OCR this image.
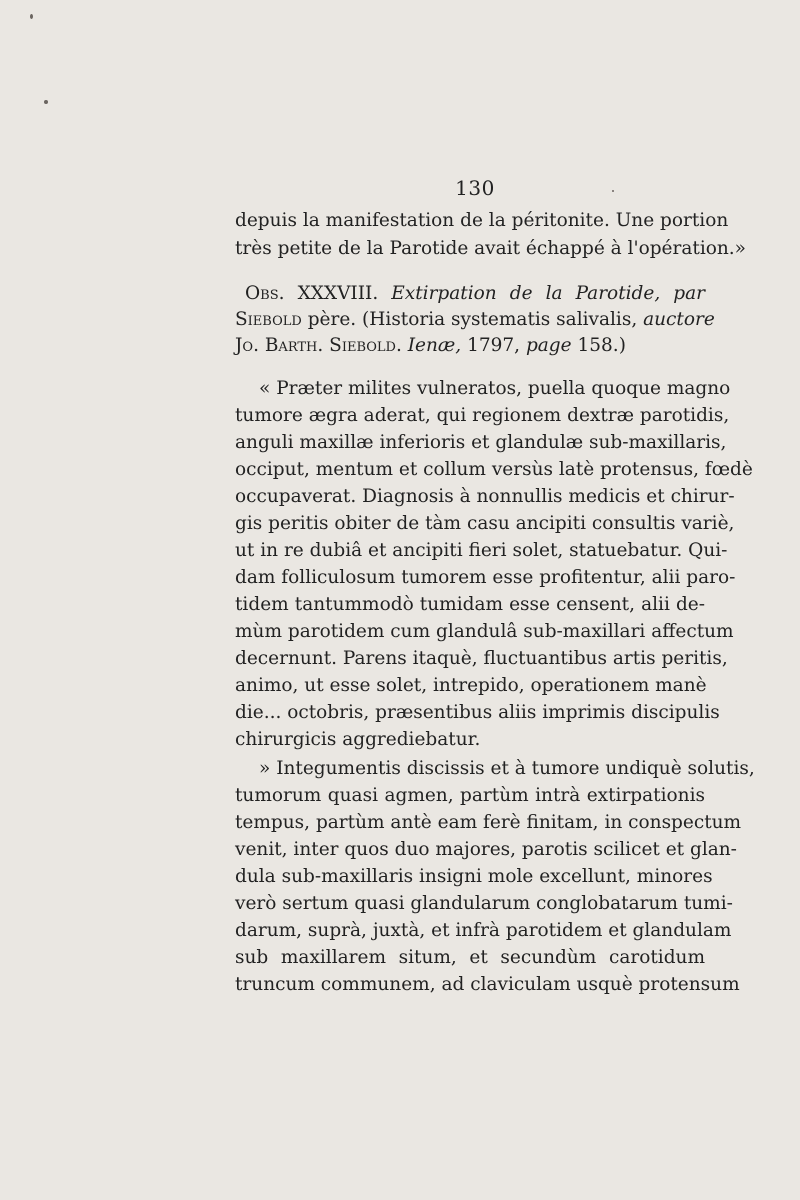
130
depuis la manifestation de la péritonite. Une portion
très petite de la Parotide avait échappé à l'opération.»
Obs. XXXVIII. Extirpation de la Parotide, par
Siebold père. (Historia systematis salivalis, auctore
Jo. Barth. Siebold. Ienæ, 1797, page 158.)
« Præter milites vulneratos, puella quoque magno
tumore ægra aderat, qui regionem dextræ parotidis,
anguli maxillæ inferioris et glandulæ sub-maxillaris,
occiput, mentum et collum versùs latè protensus, fœdè
occupaverat. Diagnosis à nonnullis medicis et chirur-
gis peritis obiter de tàm casu ancipiti consultis variè,
ut in re dubiâ et ancipiti fieri solet, statuebatur. Qui-
dam folliculosum tumorem esse profitentur, alii paro-
tidem tantummodò tumidam esse censent, alii de-
mùm parotidem cum glandulâ sub-maxillari affectum
decernunt. Parens itaquè, fluctuantibus artis peritis,
animo, ut esse solet, intrepido, operationem manè
die... octobris, præsentibus aliis imprimis discipulis
chirurgicis aggrediebatur.
» Integumentis discissis et à tumore undiquè solutis,
tumorum quasi agmen, partùm intrà extirpationis
tempus, partùm antè eam ferè finitam, in conspectum
venit, inter quos duo majores, parotis scilicet et glan-
dula sub-maxillaris insigni mole excellunt, minores
verò sertum quasi glandularum conglobatarum tumi-
darum, suprà, juxtà, et infrà parotidem et glandulam
sub maxillarem situm, et secundùm carotidum
truncum communem, ad claviculam usquè protensum
